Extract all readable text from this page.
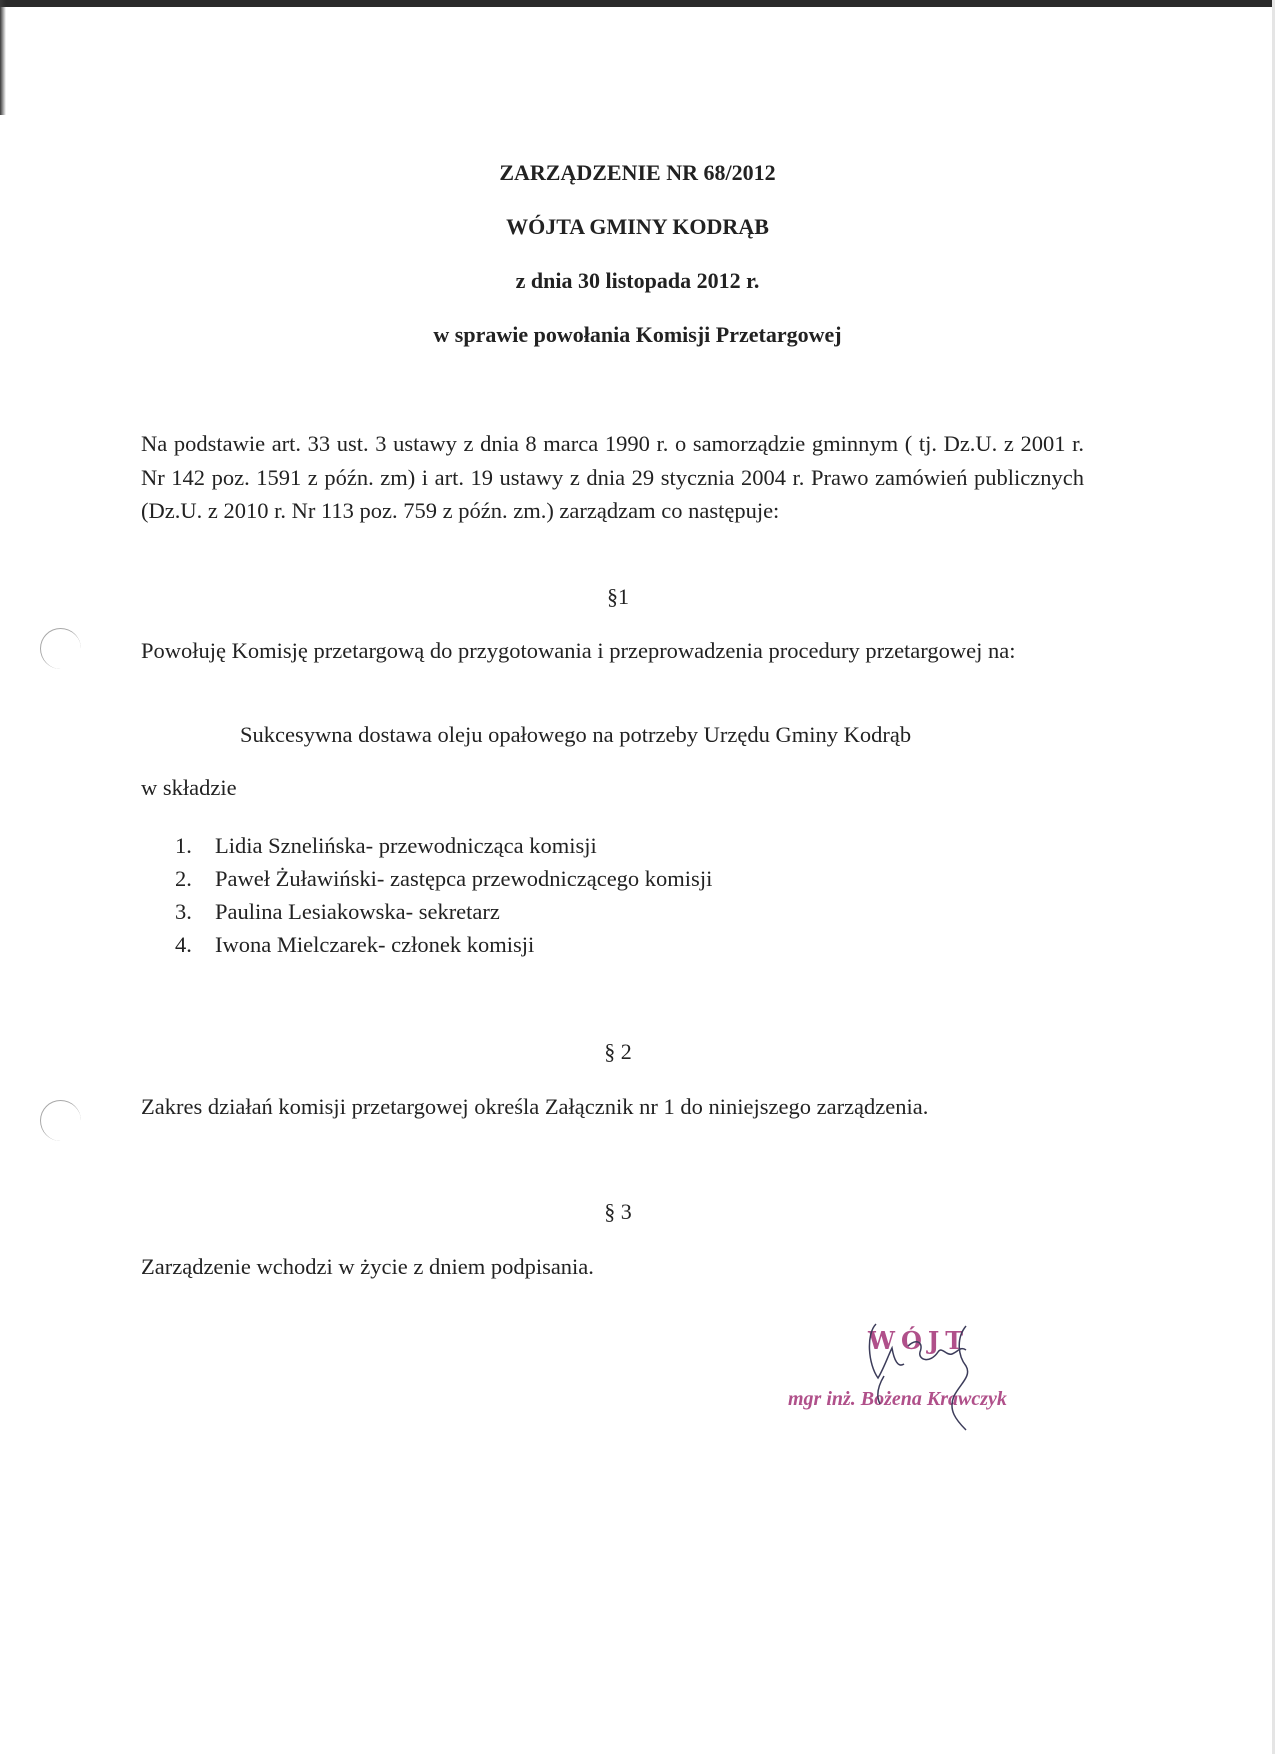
ZARZĄDZENIE NR 68/2012
WÓJTA GMINY KODRĄB
z dnia 30 listopada 2012 r.
w sprawie powołania Komisji Przetargowej
Na podstawie art. 33 ust. 3 ustawy z dnia 8 marca 1990 r. o samorządzie gminnym ( tj. Dz.U. z 2001 r. Nr 142 poz. 1591 z późn. zm) i art. 19 ustawy z dnia 29 stycznia 2004 r. Prawo zamówień publicznych (Dz.U. z 2010 r. Nr 113 poz. 759 z późn. zm.) zarządzam co następuje:
§1
Powołuję Komisję przetargową do przygotowania i przeprowadzenia procedury przetargowej na:
Sukcesywna dostawa oleju opałowego na potrzeby Urzędu Gminy Kodrąb
w składzie
1. Lidia Sznelińska- przewodnicząca komisji
2. Paweł Żuławiński- zastępca przewodniczącego komisji
3. Paulina Lesiakowska- sekretarz
4. Iwona Mielczarek- członek komisji
§ 2
Zakres działań komisji przetargowej określa Załącznik nr 1 do niniejszego zarządzenia.
§ 3
Zarządzenie wchodzi w życie z dniem podpisania.
WÓJT
mgr inż. Bożena Krawczyk
